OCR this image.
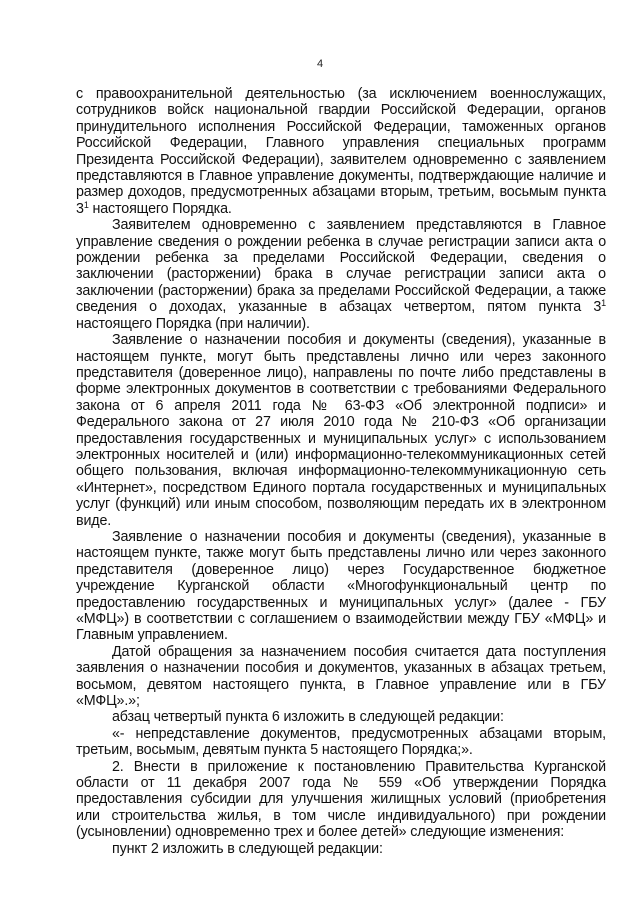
4

с правоохранительной деятельностью (за исключением военнослужащих, сотрудников войск национальной гвардии Российской Федерации, органов принудительного исполнения Российской Федерации, таможенных органов Российской Федерации, Главного управления специальных программ Президента Российской Федерации), заявителем одновременно с заявлением представляются в Главное управление документы, подтверждающие наличие и размер доходов, предусмотренных абзацами вторым, третьим, восьмым пункта $3^1$ настоящего Порядка.

Заявителем одновременно с заявлением представляются в Главное управление сведения о рождении ребенка в случае регистрации записи акта о рождении ребенка за пределами Российской Федерации, сведения о заключении (расторжении) брака в случае регистрации записи акта о заключении (расторжении) брака за пределами Российской Федерации, а также сведения о доходах, указанные в абзацах четвертом, пятом пункта $3^1$ настоящего Порядка (при наличии).

Заявление о назначении пособия и документы (сведения), указанные в настоящем пункте, могут быть представлены лично или через законного представителя (доверенное лицо), направлены по почте либо представлены в форме электронных документов в соответствии с требованиями Федерального закона от 6 апреля 2011 года № 63-ФЗ «Об электронной подписи» и Федерального закона от 27 июля 2010 года № 210-ФЗ «Об организации предоставления государственных и муниципальных услуг» с использованием электронных носителей и (или) информационно-телекоммуникационных сетей общего пользования, включая информационно-телекоммуникационную сеть «Интернет», посредством Единого портала государственных и муниципальных услуг (функций) или иным способом, позволяющим передать их в электронном виде.

Заявление о назначении пособия и документы (сведения), указанные в настоящем пункте, также могут быть представлены лично или через законного представителя (доверенное лицо) через Государственное бюджетное учреждение Курганской области «Многофункциональный центр по предоставлению государственных и муниципальных услуг» (далее - ГБУ «МФЦ») в соответствии с соглашением о взаимодействии между ГБУ «МФЦ» и Главным управлением.

Датой обращения за назначением пособия считается дата поступления заявления о назначении пособия и документов, указанных в абзацах третьем, восьмом, девятом настоящего пункта, в Главное управление или в ГБУ «МФЦ».»;

абзац четвертый пункта 6 изложить в следующей редакции:

«- непредставление документов, предусмотренных абзацами вторым, третьим, восьмым, девятым пункта 5 настоящего Порядка;».

2. Внести в приложение к постановлению Правительства Курганской области от 11 декабря 2007 года № 559 «Об утверждении Порядка предоставления субсидии для улучшения жилищных условий (приобретения или строительства жилья, в том числе индивидуального) при рождении (усыновлении) одновременно трех и более детей» следующие изменения:

пункт 2 изложить в следующей редакции:
